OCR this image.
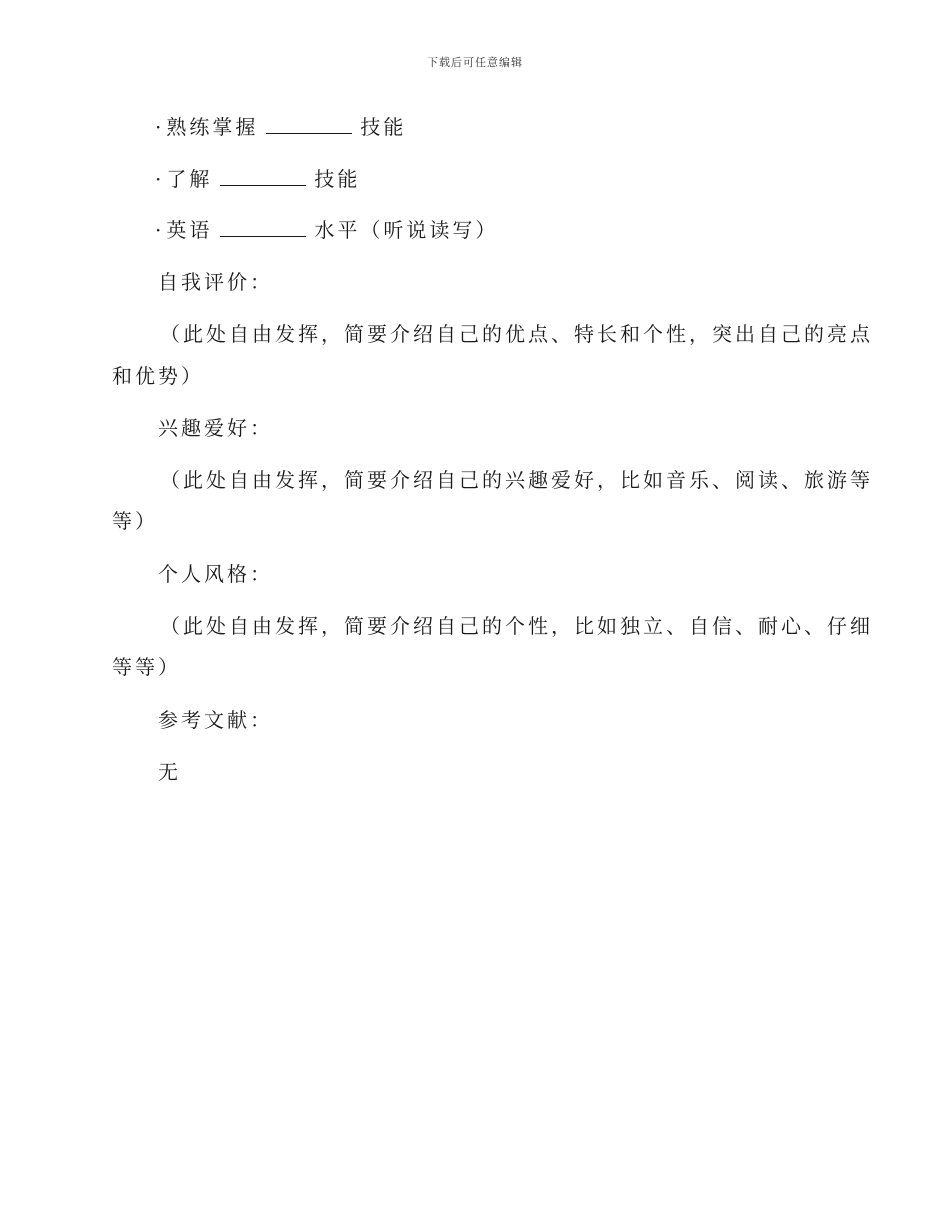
下载后可任意编辑
· 熟练掌握	技能
· 了解	技能
· 英语	水平（听说读写）
自我评价：
（此处自由发挥，简要介绍自己的优点、特长和个性，突出自己的亮点
和优势）
兴趣爱好：
（此处自由发挥，简要介绍自己的兴趣爱好，比如音乐、阅读、旅游等
等）
个人风格：
（此处自由发挥，简要介绍自己的个性，比如独立、自信、耐心、仔细
等等）
参考文献：
无
